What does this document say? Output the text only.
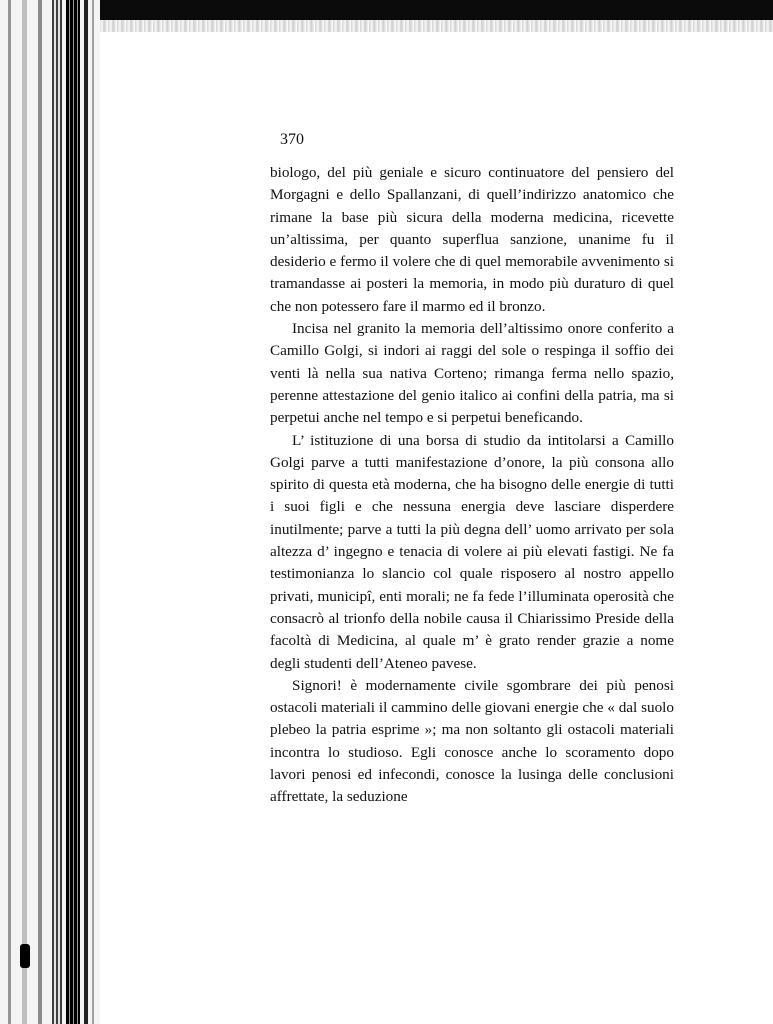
370

biologo, del più geniale e sicuro continuatore del pensiero del Morgagni e dello Spallanzani, di quell’indirizzo anatomico che rimane la base più sicura della moderna medicina, ricevette un’altissima, per quanto superflua sanzione, unanime fu il desiderio e fermo il volere che di quel memorabile avvenimento si tramandasse ai posteri la memoria, in modo più duraturo di quel che non potessero fare il marmo ed il bronzo.

Incisa nel granito la memoria dell’altissimo onore conferito a Camillo Golgi, si indori ai raggi del sole o respinga il soffio dei venti là nella sua nativa Corteno; rimanga ferma nello spazio, perenne attestazione del genio italico ai confini della patria, ma si perpetui anche nel tempo e si perpetui beneficando.

L’ istituzione di una borsa di studio da intitolarsi a Camillo Golgi parve a tutti manifestazione d’onore, la più consona allo spirito di questa età moderna, che ha bisogno delle energie di tutti i suoi figli e che nessuna energia deve lasciare disperdere inutilmente; parve a tutti la più degna dell’ uomo arrivato per sola altezza d’ ingegno e tenacia di volere ai più elevati fastigi. Ne fa testimonianza lo slancio col quale risposero al nostro appello privati, municipî, enti morali; ne fa fede l’illuminata operosità che consacrò al trionfo della nobile causa il Chiarissimo Preside della facoltà di Medicina, al quale m’ è grato render grazie a nome degli studenti dell’Ateneo pavese.

Signori! è modernamente civile sgombrare dei più penosi ostacoli materiali il cammino delle giovani energie che « dal suolo plebeo la patria esprime »; ma non soltanto gli ostacoli materiali incontra lo studioso. Egli conosce anche lo scoramento dopo lavori penosi ed infecondi, conosce la lusinga delle conclusioni affrettate, la seduzione
